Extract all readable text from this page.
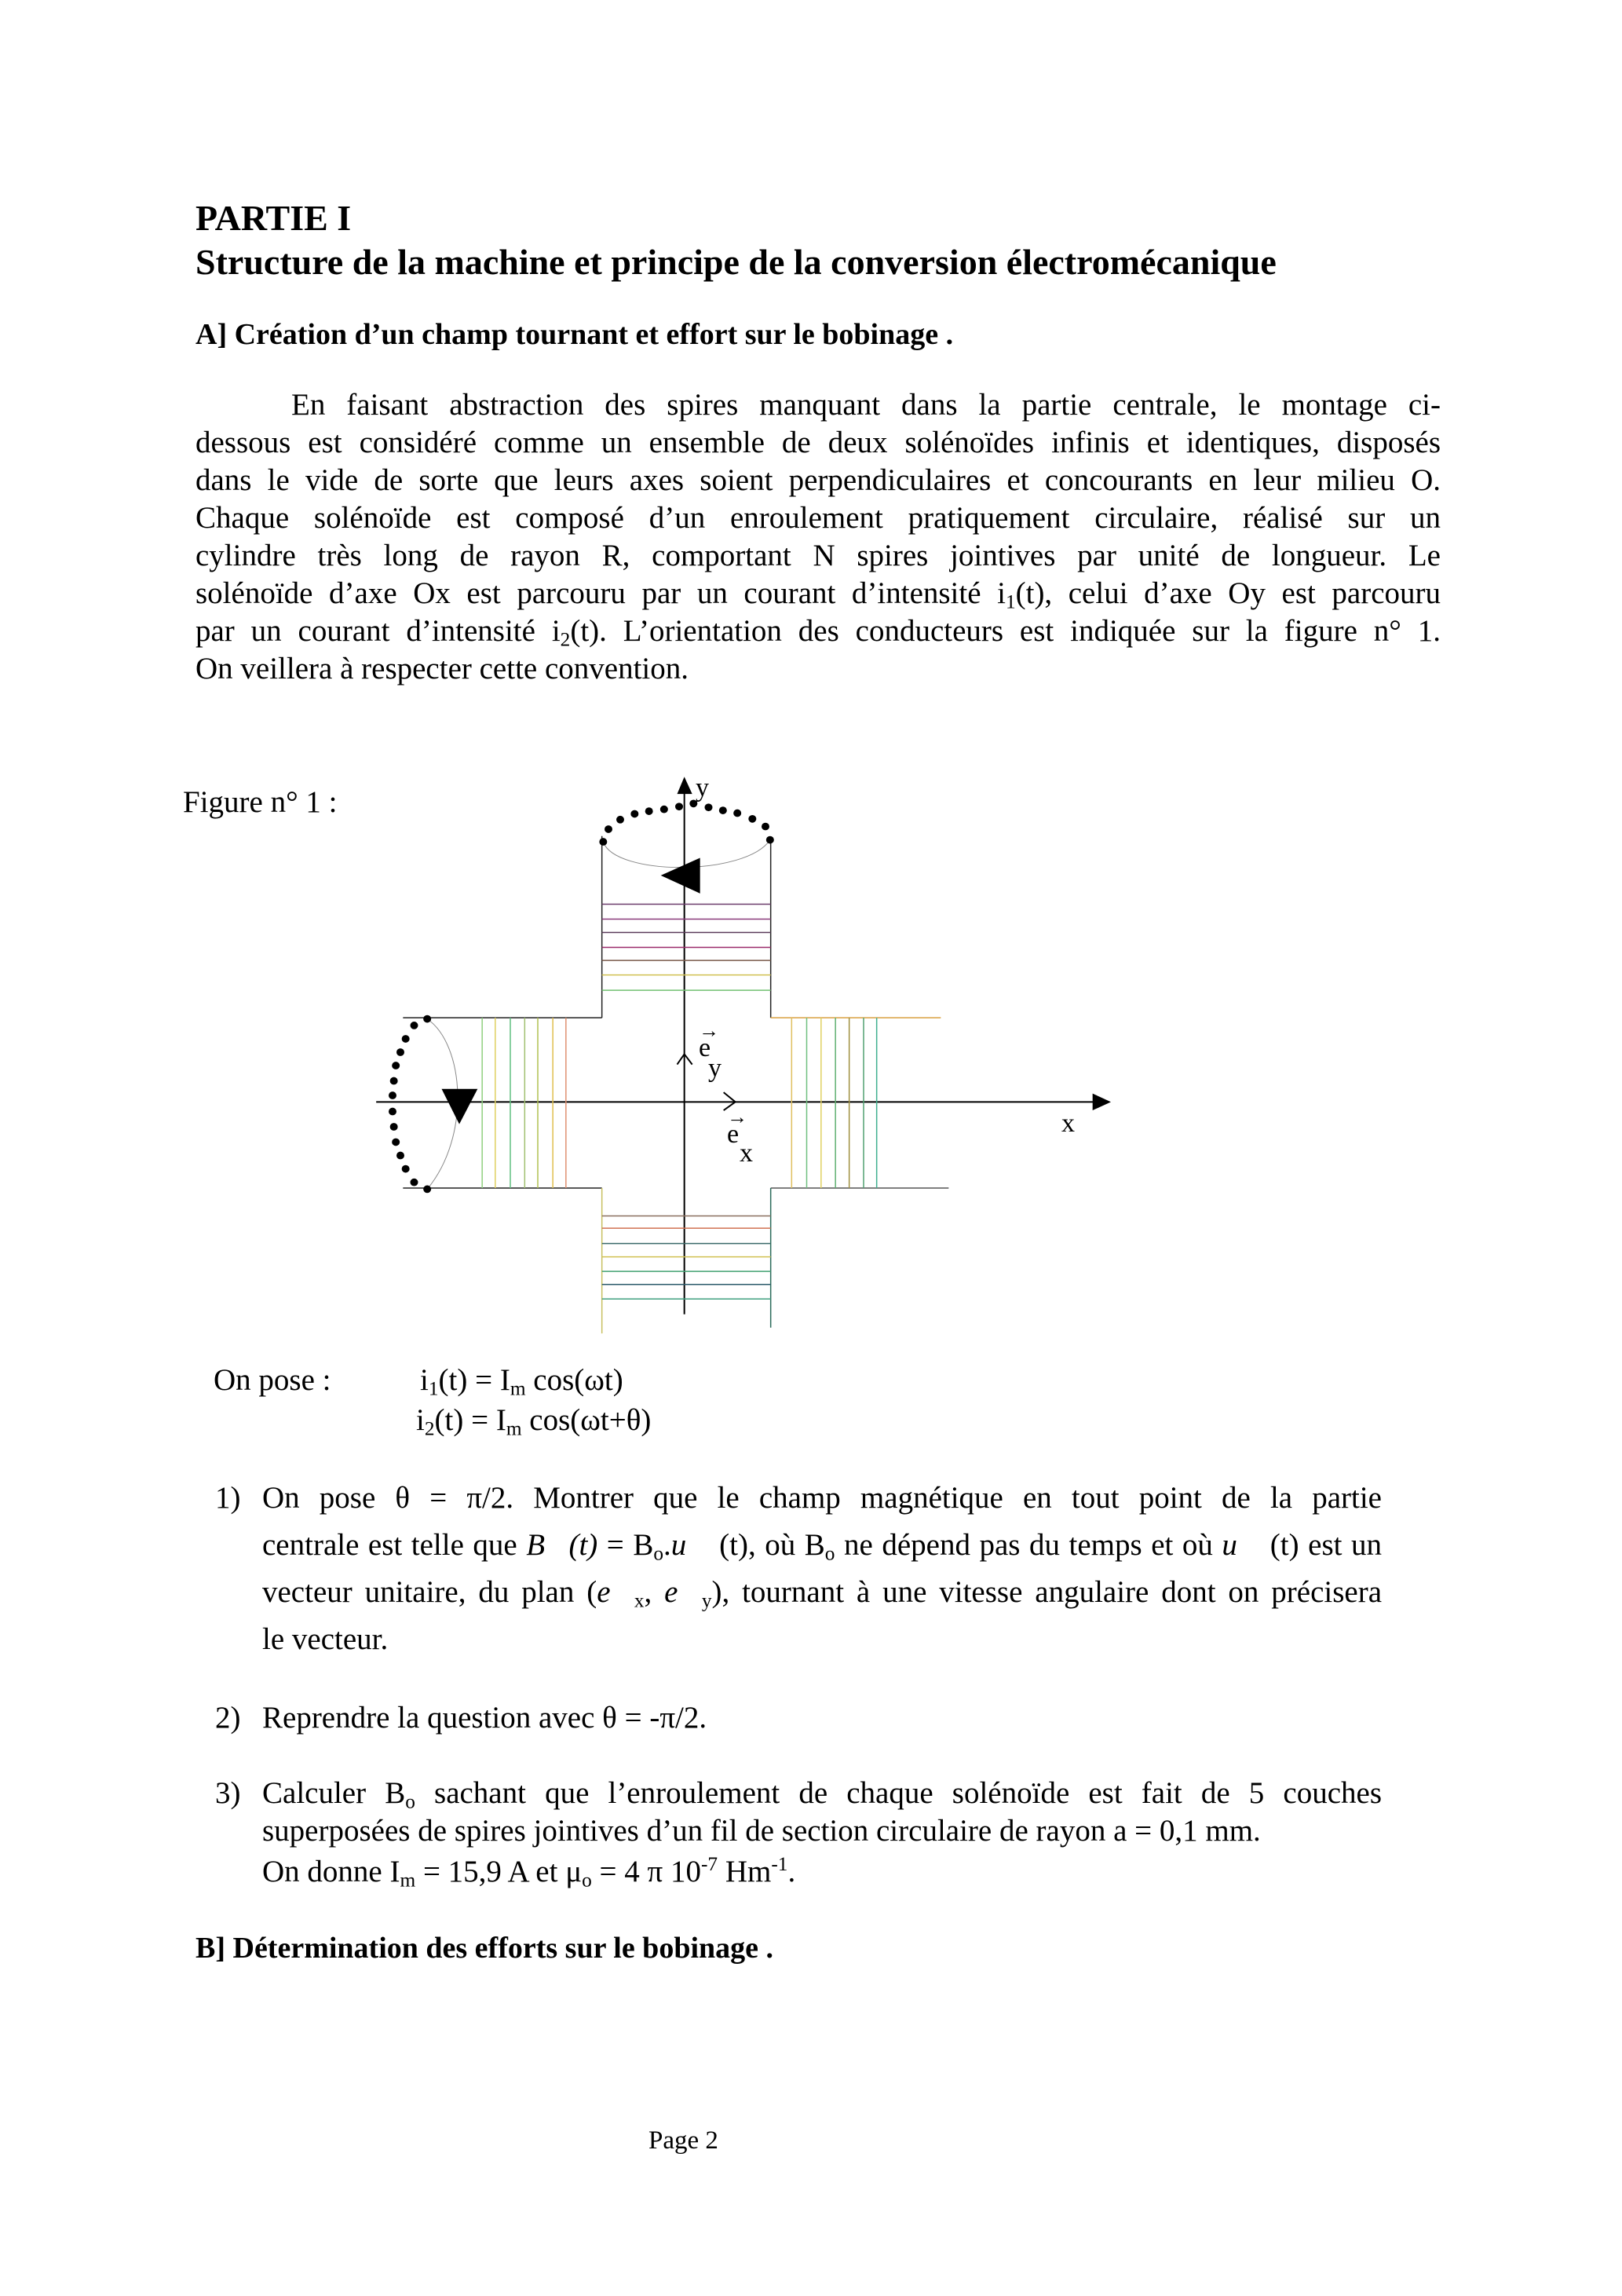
PARTIE I
Structure de la machine et principe de la conversion électromécanique
A] Création d’un champ tournant et effort sur le bobinage .
En faisant abstraction des spires manquant dans la partie centrale, le montage ci-
dessous est considéré comme un ensemble de deux solénoïdes infinis et identiques, disposés
dans le vide de sorte que leurs axes soient perpendiculaires et concourants en leur milieu O.
Chaque solénoïde est composé d’un enroulement pratiquement circulaire, réalisé sur un
cylindre très long de rayon R, comportant N spires jointives par unité de longueur. Le
solénoïde d’axe Ox est parcouru par un courant d’intensité $i_1(t)$, celui d’axe Oy est parcouru
par un courant d’intensité $i_2(t)$. L’orientation des conducteurs est indiquée sur la figure n° 1.
On veillera à respecter cette convention.
Figure n° 1 :	y
x
→
e
y
→
e
x
On pose :	$i_1(t) = I_m$ cos(ωt)
$i_2(t) = I_m$ cos(ωt+θ)
1) On pose θ = π/2. Montrer que le champ magnétique en tout point de la partie
centrale est telle que B⃗(t) = $B_o.u⃗$ (t), où $B_o$ ne dépend pas du temps et où u⃗ (t) est un
vecteur unitaire, du plan ($e⃗_x$, $e⃗_y$), tournant à une vitesse angulaire dont on précisera
le vecteur.
2) Reprendre la question avec θ = -π/2.
3) Calculer $B_o$ sachant que l’enroulement de chaque solénoïde est fait de 5 couches
superposées de spires jointives d’un fil de section circulaire de rayon a = 0,1 mm.
On donne $I_m = 15,9$ A et $\mu_o = 4$ π $10^{-7}$ $Hm^{-1}$.
B] Détermination des efforts sur le bobinage .
Page 2
